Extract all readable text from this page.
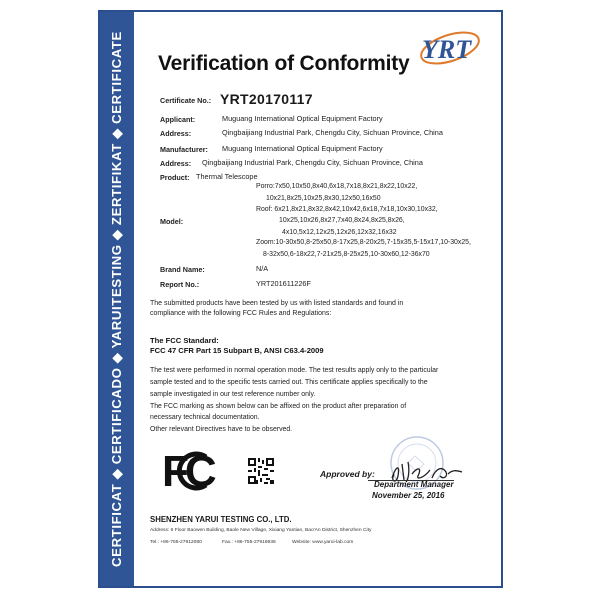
CERTIFICAT ◆ CERTIFICADO ◆ YARUITESTING ◆ ZERTIFIKAT ◆ CERTIFICATE Verification of Conformity YRT
Certificate No.: YRT20170117
Applicant:	Muguang International Optical Equipment Factory
Address:	Qingbaijiang Industrial Park, Chengdu City, Sichuan Province, China
Manufacturer: Muguang International Optical Equipment Factory
Address: Qingbaijiang Industrial Park, Chengdu City, Sichuan Province, China
Product: Thermal Telescope
Model:
Porro:7x50,10x50,8x40,6x18,7x18,8x21,8x22,10x22,
10x21,8x25,10x25,8x30,12x50,16x50
Roof: 6x21,8x21,8x32,8x42,10x42,6x18,7x18,10x30,10x32,
10x25,10x26,8x27,7x40,8x24,8x25,8x26,
4x10,5x12,12x25,12x26,12x32,16x32
Zoom:10-30x50,8-25x50,8-17x25,8-20x25,7-15x35,5-15x17,10-30x25,
8-32x50,6-18x22,7-21x25,8-25x25,10-30x60,12-36x70
Brand Name:	N/A
Report No.:	YRT201611226F
The submitted products have been tested by us with listed standards and found in compliance with the following FCC Rules and Regulations:
The FCC Standard:
FCC 47 CFR Part 15 Subpart B, ANSI C63.4-2009
The test were performed in normal operation mode. The test results apply only to the particular
sample tested and to the specific tests carried out. This certificate applies specifically to the
sample investigated in our test reference number only.
The FCC marking as shown below can be affixed on the product after preparation of
necessary technical documentation.
Other relevant Directives have to be observed.
FC	Approved by:
Department Manager
November 25, 2016
SHENZHEN YARUI TESTING CO., LTD.
Address: 6 Floor Baowen Building, Baole New Village, Xixiang Yantian, Bao'An District, Shenzhen City
Tel.: +86-755-27912080	Fax.: +86-755-27916936	Website: www.yarui-lab.com
